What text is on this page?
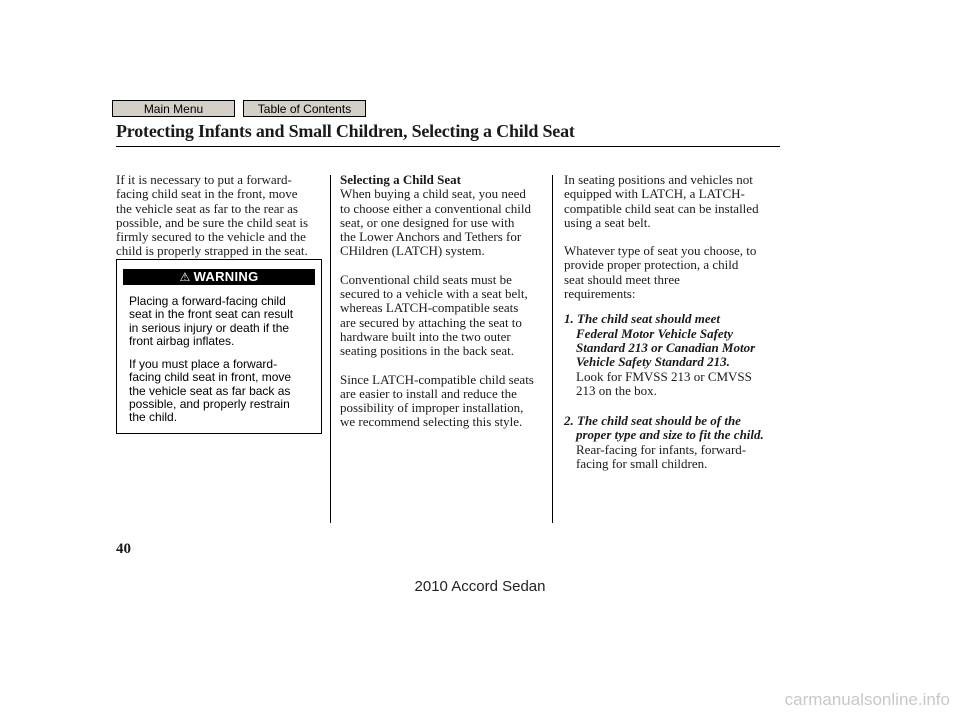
Main Menu	Table of Contents
Protecting Infants and Small Children, Selecting a Child Seat

If it is necessary to put a forward-
facing child seat in the front, move
the vehicle seat as far to the rear as
possible, and be sure the child seat is
firmly secured to the vehicle and the
child is properly strapped in the seat.

⚠ WARNING

Placing a forward-facing child
seat in the front seat can result
in serious injury or death if the
front airbag inflates.

If you must place a forward-
facing child seat in front, move
the vehicle seat as far back as
possible, and properly restrain
the child.

Selecting a Child Seat

When buying a child seat, you need
to choose either a conventional child
seat, or one designed for use with
the Lower Anchors and Tethers for
CHildren (LATCH) system.

Conventional child seats must be
secured to a vehicle with a seat belt,
whereas LATCH-compatible seats
are secured by attaching the seat to
hardware built into the two outer
seating positions in the back seat.

Since LATCH-compatible child seats
are easier to install and reduce the
possibility of improper installation,
we recommend selecting this style.

In seating positions and vehicles not
equipped with LATCH, a LATCH-
compatible child seat can be installed
using a seat belt.

Whatever type of seat you choose, to
provide proper protection, a child
seat should meet three
requirements:

1. The child seat should meet
Federal Motor Vehicle Safety
Standard 213 or Canadian Motor
Vehicle Safety Standard 213.
Look for FMVSS 213 or CMVSS
213 on the box.
2. The child seat should be of the
proper type and size to fit the child.
Rear-facing for infants, forward-
facing for small children.
40
2010 Accord Sedan
carmanualsonline.info
